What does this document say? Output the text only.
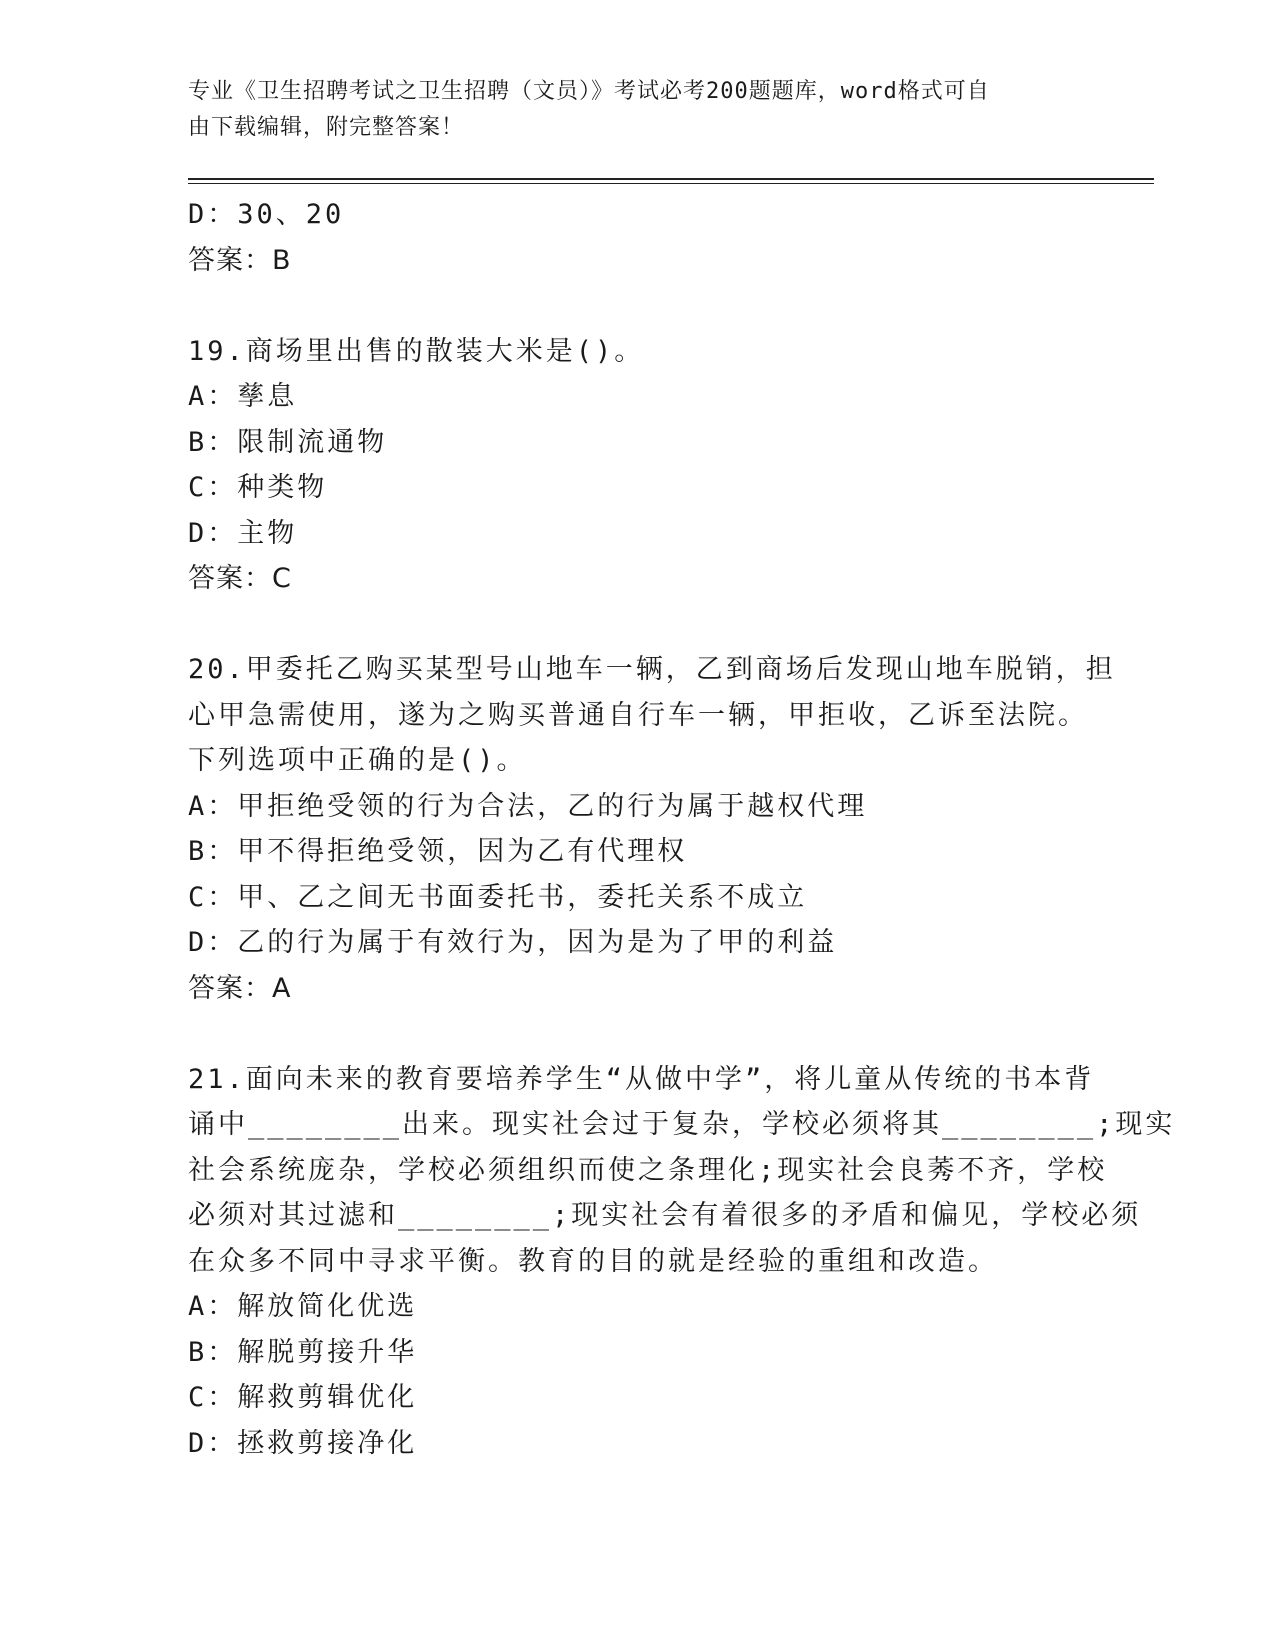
专业《卫生招聘考试之卫生招聘（文员）》考试必考200题题库，word格式可自
由下载编辑，附完整答案！
D：30、20
答案：B
19.商场里出售的散装大米是()。
A：孳息
B：限制流通物
C：种类物
D：主物
答案：C
20.甲委托乙购买某型号山地车一辆，乙到商场后发现山地车脱销，担
心甲急需使用，遂为之购买普通自行车一辆，甲拒收，乙诉至法院。
下列选项中正确的是()。
A：甲拒绝受领的行为合法，乙的行为属于越权代理
B：甲不得拒绝受领，因为乙有代理权
C：甲、乙之间无书面委托书，委托关系不成立
D：乙的行为属于有效行为，因为是为了甲的利益
答案：A
21.面向未来的教育要培养学生“从做中学”，将儿童从传统的书本背
诵中________出来。现实社会过于复杂，学校必须将其________;现实
社会系统庞杂，学校必须组织而使之条理化;现实社会良莠不齐，学校
必须对其过滤和________;现实社会有着很多的矛盾和偏见，学校必须
在众多不同中寻求平衡。教育的目的就是经验的重组和改造。
A：解放简化优选
B：解脱剪接升华
C：解救剪辑优化
D：拯救剪接净化
